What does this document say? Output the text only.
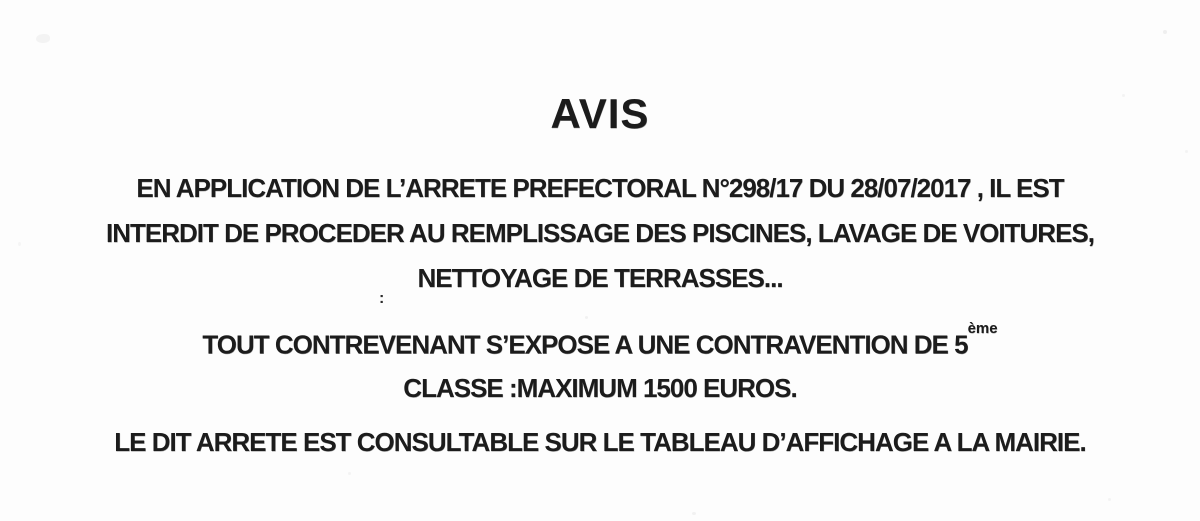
AVIS

EN APPLICATION DE L’ARRETE PREFECTORAL N°298/17 DU 28/07/2017 , IL EST
INTERDIT DE PROCEDER AU REMPLISSAGE DES PISCINES, LAVAGE DE VOITURES,
NETTOYAGE DE TERRASSES...

:

TOUT CONTREVENANT S’EXPOSE A UNE CONTRAVENTION DE 5ème
CLASSE :MAXIMUM 1500 EUROS.

LE DIT ARRETE EST CONSULTABLE SUR LE TABLEAU D’AFFICHAGE A LA MAIRIE.
